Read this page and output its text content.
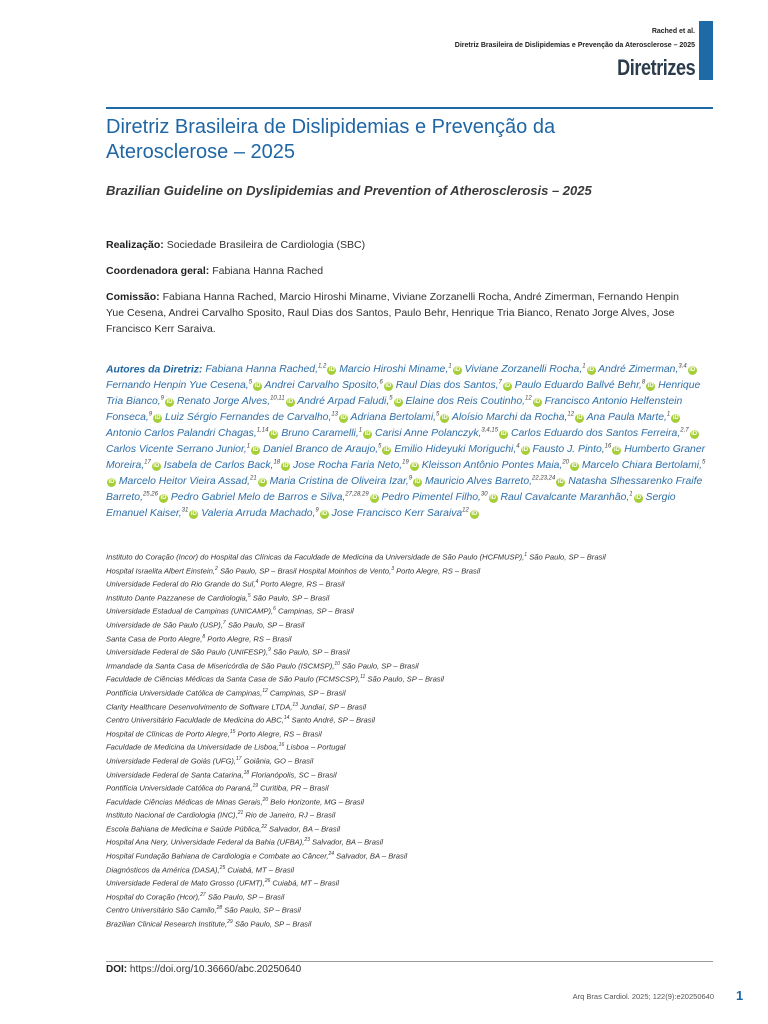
Rached et al.
Diretriz Brasileira de Dislipidemias e Prevenção da Aterosclerose – 2025
Diretrizes
Diretriz Brasileira de Dislipidemias e Prevenção da Aterosclerose – 2025
Brazilian Guideline on Dyslipidemias and Prevention of Atherosclerosis – 2025
Realização: Sociedade Brasileira de Cardiologia (SBC)
Coordenadora geral: Fabiana Hanna Rached
Comissão: Fabiana Hanna Rached, Marcio Hiroshi Miname, Viviane Zorzanelli Rocha, André Zimerman, Fernando Henpin Yue Cesena, Andrei Carvalho Sposito, Raul Dias dos Santos, Paulo Behr, Henrique Tria Bianco, Renato Jorge Alves, Jose Francisco Kerr Saraiva.
Autores da Diretriz: Fabiana Hanna Rached,$^{1,2}$iD Marcio Hiroshi Miname,$^1$iD Viviane Zorzanelli Rocha,$^1$iD André Zimerman,$^{3,4}$iD Fernando Henpin Yue Cesena,$^5$iD Andrei Carvalho Sposito,$^6$iD Raul Dias dos Santos,$^7$iD Paulo Eduardo Ballvé Behr,$^8$iD Henrique Tria Bianco,$^9$iD Renato Jorge Alves,$^{10,11}$iD André Arpad Faludi,$^5$iD Elaine dos Reis Coutinho,$^{12}$iD Francisco Antonio Helfenstein Fonseca,$^9$iD Luiz Sérgio Fernandes de Carvalho,$^{13}$iD Adriana Bertolami,$^5$iD Aloísio Marchi da Rocha,$^{12}$iD Ana Paula Marte,$^1$iD Antonio Carlos Palandri Chagas,$^{1,14}$iD Bruno Caramelli,$^1$iD Carisi Anne Polanczyk,$^{3,4,15}$iD Carlos Eduardo dos Santos Ferreira,$^{2,7}$iD Carlos Vicente Serrano Junior,$^1$iD Daniel Branco de Araujo,$^5$iD Emilio Hideyuki Moriguchi,$^4$iD Fausto J. Pinto,$^{16}$iD Humberto Graner Moreira,$^{17}$iD Isabela de Carlos Back,$^{18}$iD Jose Rocha Faria Neto,$^{19}$iD Kleisson Antônio Pontes Maia,$^{20}$iD Marcelo Chiara Bertolami,$^5$iD Marcelo Heitor Vieira Assad,$^{21}$iD Maria Cristina de Oliveira Izar,$^9$iD Mauricio Alves Barreto,$^{22,23,24}$iD Natasha Slhessarenko Fraife Barreto,$^{25,26}$iD Pedro Gabriel Melo de Barros e Silva,$^{27,28,29}$iD Pedro Pimentel Filho,$^{30}$iD Raul Cavalcante Maranhão,$^1$iD Sergio Emanuel Kaiser,$^{31}$iD Valeria Arruda Machado,$^9$iD Jose Francisco Kerr Saraiva$^{12}$iD
Instituto do Coração (Incor) do Hospital das Clínicas da Faculdade de Medicina da Universidade de São Paulo (HCFMUSP),$^1$ São Paulo, SP – Brasil
Hospital Israelita Albert Einstein,$^2$ São Paulo, SP – Brasil Hospital Moinhos de Vento,$^3$ Porto Alegre, RS – Brasil
Universidade Federal do Rio Grande do Sul,$^4$ Porto Alegre, RS – Brasil
Instituto Dante Pazzanese de Cardiologia,$^5$ São Paulo, SP – Brasil
Universidade Estadual de Campinas (UNICAMP),$^6$ Campinas, SP – Brasil
Universidade de São Paulo (USP),$^7$ São Paulo, SP – Brasil
Santa Casa de Porto Alegre,$^8$ Porto Alegre, RS – Brasil
Universidade Federal de São Paulo (UNIFESP),$^9$ São Paulo, SP – Brasil
Irmandade da Santa Casa de Misericórdia de São Paulo (ISCMSP),$^{10}$ São Paulo, SP – Brasil
Faculdade de Ciências Médicas da Santa Casa de São Paulo (FCMSCSP),$^{11}$ São Paulo, SP – Brasil
Pontifícia Universidade Católica de Campinas,$^{12}$ Campinas, SP – Brasil
Clarity Healthcare Desenvolvimento de Software LTDA,$^{13}$ Jundiaí, SP – Brasil
Centro Universitário Faculdade de Medicina do ABC,$^{14}$ Santo André, SP – Brasil
Hospital de Clínicas de Porto Alegre,$^{15}$ Porto Alegre, RS – Brasil
Faculdade de Medicina da Universidade de Lisboa,$^{16}$ Lisboa – Portugal
Universidade Federal de Goiás (UFG),$^{17}$ Goiânia, GO – Brasil
Universidade Federal de Santa Catarina,$^{18}$ Florianópolis, SC – Brasil
Pontifícia Universidade Católica do Paraná,$^{19}$ Curitiba, PR – Brasil
Faculdade Ciências Médicas de Minas Gerais,$^{20}$ Belo Horizonte, MG – Brasil
Instituto Nacional de Cardiologia (INC),$^{21}$ Rio de Janeiro, RJ – Brasil
Escola Bahiana de Medicina e Saúde Pública,$^{22}$ Salvador, BA – Brasil
Hospital Ana Nery, Universidade Federal da Bahia (UFBA),$^{23}$ Salvador, BA – Brasil
Hospital Fundação Bahiana de Cardiologia e Combate ao Câncer,$^{24}$ Salvador, BA – Brasil
Diagnósticos da América (DASA),$^{25}$ Cuiabá, MT – Brasil
Universidade Federal de Mato Grosso (UFMT),$^{26}$ Cuiabá, MT – Brasil
Hospital do Coração (Hcor),$^{27}$ São Paulo, SP – Brasil
Centro Universitário São Camilo,$^{28}$ São Paulo, SP – Brasil
Brazilian Clinical Research Institute,$^{29}$ São Paulo, SP – Brasil
DOI: https://doi.org/10.36660/abc.20250640
Arq Bras Cardiol. 2025; 122(9):e20250640 1
